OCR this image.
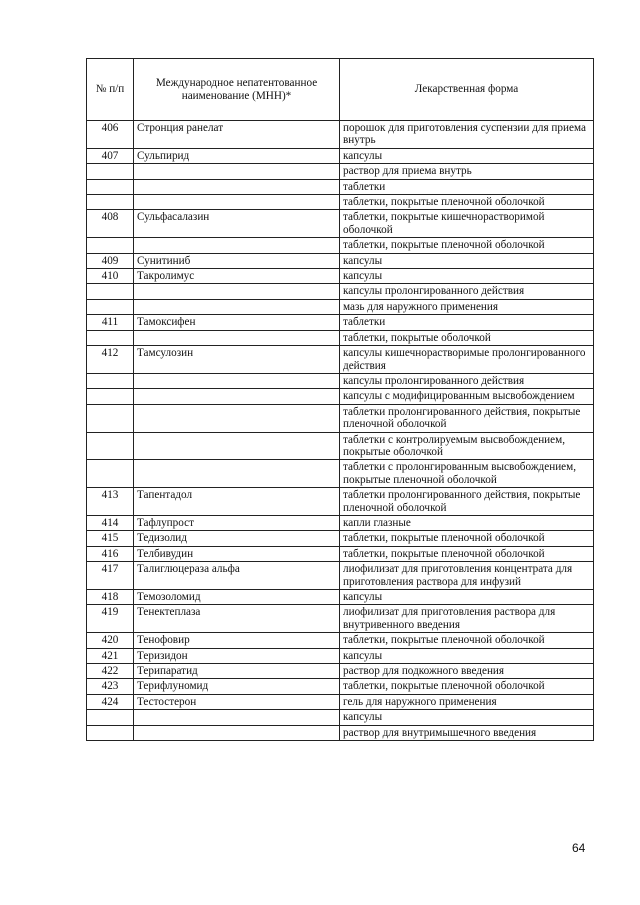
№ п/п	Международное непатентованное наименование (МНН)*	Лекарственная форма
406	Стронция ранелат	порошок для приготовления суспензии для приема внутрь
407	Сульпирид	капсулы
		раствор для приема внутрь
		таблетки
		таблетки, покрытые пленочной оболочкой
408	Сульфасалазин	таблетки, покрытые кишечнорастворимой оболочкой
		таблетки, покрытые пленочной оболочкой
409	Сунитиниб	капсулы
410	Такролимус	капсулы
		капсулы пролонгированного действия
		мазь для наружного применения
411	Тамоксифен	таблетки
		таблетки, покрытые оболочкой
412	Тамсулозин	капсулы кишечнорастворимые пролонгированного действия
		капсулы пролонгированного действия
		капсулы с модифицированным высвобождением
		таблетки пролонгированного действия, покрытые пленочной оболочкой
		таблетки с контролируемым высвобождением, покрытые оболочкой
		таблетки с пролонгированным высвобождением, покрытые пленочной оболочкой
413	Тапентадол	таблетки пролонгированного действия, покрытые пленочной оболочкой
414	Тафлупрост	капли глазные
415	Тедизолид	таблетки, покрытые пленочной оболочкой
416	Телбивудин	таблетки, покрытые пленочной оболочкой
417	Талиглюцераза альфа	лиофилизат для приготовления концентрата для приготовления раствора для инфузий
418	Темозоломид	капсулы
419	Тенектеплаза	лиофилизат для приготовления раствора для внутривенного введения
420	Тенофовир	таблетки, покрытые пленочной оболочкой
421	Теризидон	капсулы
422	Терипаратид	раствор для подкожного введения
423	Терифлуномид	таблетки, покрытые пленочной оболочкой
424	Тестостерон	гель для наружного применения
		капсулы
		раствор для внутримышечного введения
64
